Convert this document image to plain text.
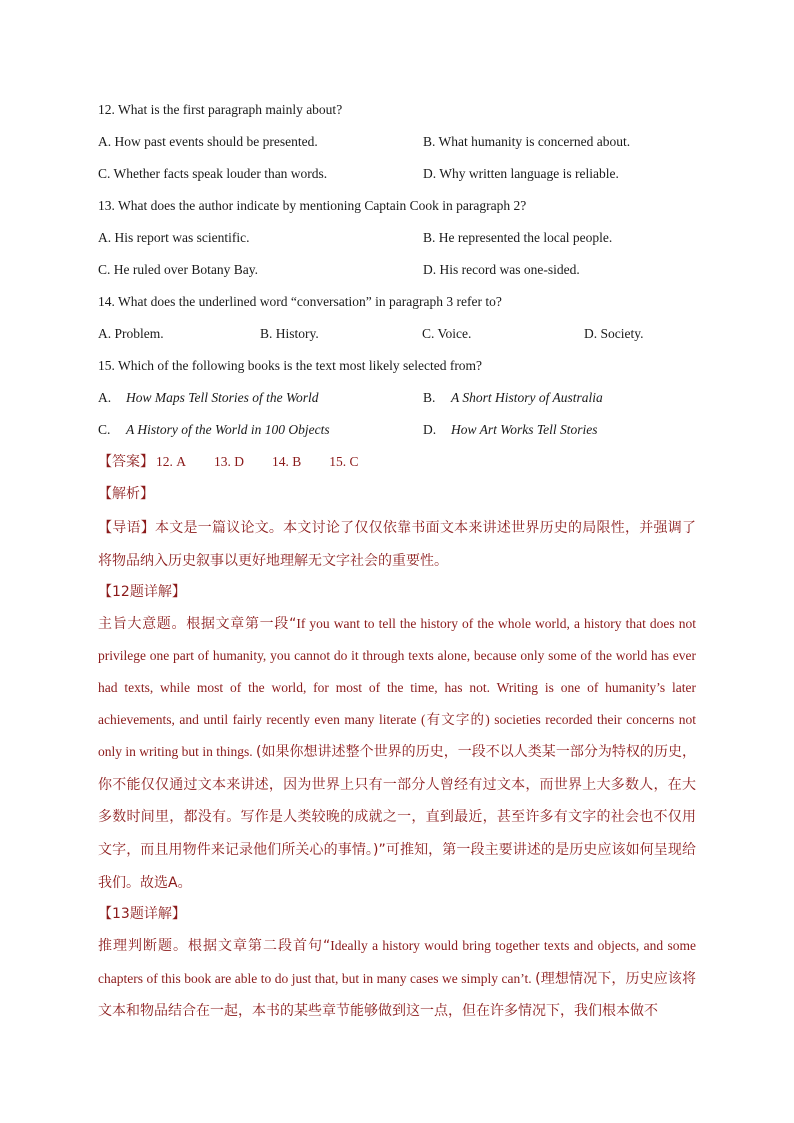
12. What is the first paragraph mainly about?
A. How past events should be presented.	B. What humanity is concerned about.
C. Whether facts speak louder than words.	D. Why written language is reliable.
13. What does the author indicate by mentioning Captain Cook in paragraph 2?
A. His report was scientific.	B. He represented the local people.
C. He ruled over Botany Bay.	D. His record was one-sided.
14. What does the underlined word “conversation” in paragraph 3 refer to?
A. Problem.	B. History.	C. Voice.	D. Society.
15. Which of the following books is the text most likely selected from?
A. How Maps Tell Stories of the World	B. A Short History of Australia
C. A History of the World in 100 Objects	D. How Art Works Tell Stories
【答案】 12. A 13. D 14. B 15. C
【解析】
【导语】本文是一篇议论文。本文讨论了仅仅依靠书面文本来讲述世界历史的局限性，并强调了将物品纳入历史叙事以更好地理解无文字社会的重要性。
【12题详解】
主旨大意题。根据文章第一段“If you want to tell the history of the whole world, a history that does not privilege one part of humanity, you cannot do it through texts alone, because only some of the world has ever had texts, while most of the world, for most of the time, has not. Writing is one of humanity’s later achievements, and until fairly recently even many literate (有文字的) societies recorded their concerns not only in writing but in things. (如果你想讲述整个世界的历史，一段不以人类某一部分为特权的历史，你不能仅仅通过文本来讲述，因为世界上只有一部分人曾经有过文本，而世界上大多数人，在大多数时间里，都没有。写作是人类较晚的成就之一，直到最近，甚至许多有文字的社会也不仅用文字，而且用物件来记录他们所关心的事情。)”可推知，第一段主要讲述的是历史应该如何呈现给我们。故选A。
【13题详解】
推理判断题。根据文章第二段首句“Ideally a history would bring together texts and objects, and some chapters of this book are able to do just that, but in many cases we simply can’t. (理想情况下，历史应该将文本和物品结合在一起，本书的某些章节能够做到这一点，但在许多情况下，我们根本做不
